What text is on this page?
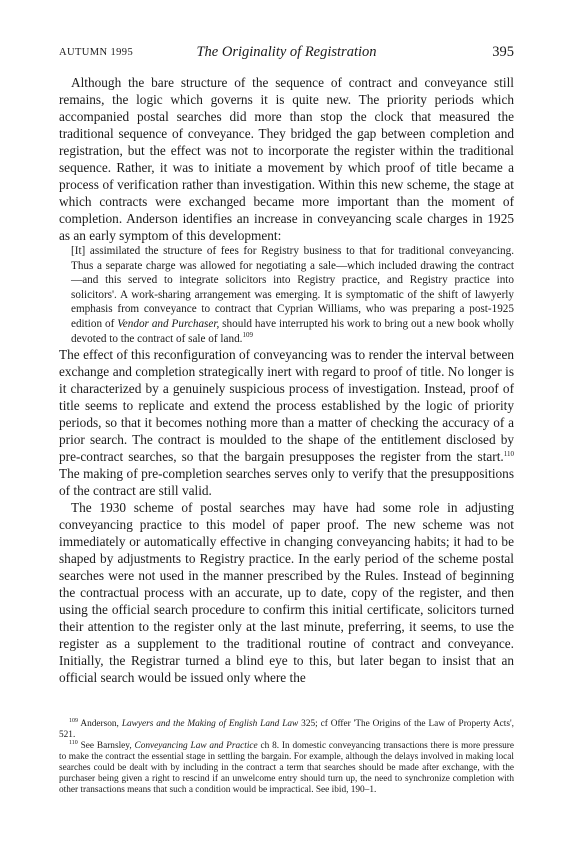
AUTUMN 1995	The Originality of Registration	395

Although the bare structure of the sequence of contract and conveyance still remains, the logic which governs it is quite new. The priority periods which accompanied postal searches did more than stop the clock that measured the traditional sequence of conveyance. They bridged the gap between completion and registration, but the effect was not to incorporate the register within the traditional sequence. Rather, it was to initiate a movement by which proof of title became a process of verification rather than investigation. Within this new scheme, the stage at which contracts were exchanged became more important than the moment of completion. Anderson identifies an increase in conveyancing scale charges in 1925 as an early symptom of this development:

[It] assimilated the structure of fees for Registry business to that for traditional conveyancing. Thus a separate charge was allowed for negotiating a sale—which included drawing the contract—and this served to integrate solicitors into Registry practice, and Registry practice into solicitors'. A work-sharing arrangement was emerging. It is symptomatic of the shift of lawyerly emphasis from conveyance to contract that Cyprian Williams, who was preparing a post-1925 edition of Vendor and Purchaser, should have interrupted his work to bring out a new book wholly devoted to the contract of sale of land.$^{109}$

The effect of this reconfiguration of conveyancing was to render the interval between exchange and completion strategically inert with regard to proof of title. No longer is it characterized by a genuinely suspicious process of investigation. Instead, proof of title seems to replicate and extend the process established by the logic of priority periods, so that it becomes nothing more than a matter of checking the accuracy of a prior search. The contract is moulded to the shape of the entitlement disclosed by pre-contract searches, so that the bargain presupposes the register from the start.$^{110}$ The making of pre-completion searches serves only to verify that the presuppositions of the contract are still valid.

The 1930 scheme of postal searches may have had some role in adjusting conveyancing practice to this model of paper proof. The new scheme was not immediately or automatically effective in changing conveyancing habits; it had to be shaped by adjustments to Registry practice. In the early period of the scheme postal searches were not used in the manner prescribed by the Rules. Instead of beginning the contractual process with an accurate, up to date, copy of the register, and then using the official search procedure to confirm this initial certificate, solicitors turned their attention to the register only at the last minute, preferring, it seems, to use the register as a supplement to the traditional routine of contract and conveyance. Initially, the Registrar turned a blind eye to this, but later began to insist that an official search would be issued only where the

$^{109}$ Anderson, Lawyers and the Making of English Land Law 325; cf Offer 'The Origins of the Law of Property Acts', 521.

$^{110}$ See Barnsley, Conveyancing Law and Practice ch 8. In domestic conveyancing transactions there is more pressure to make the contract the essential stage in settling the bargain. For example, although the delays involved in making local searches could be dealt with by including in the contract a term that searches should be made after exchange, with the purchaser being given a right to rescind if an unwelcome entry should turn up, the need to synchronize completion with other transactions means that such a condition would be impractical. See ibid, 190–1.
